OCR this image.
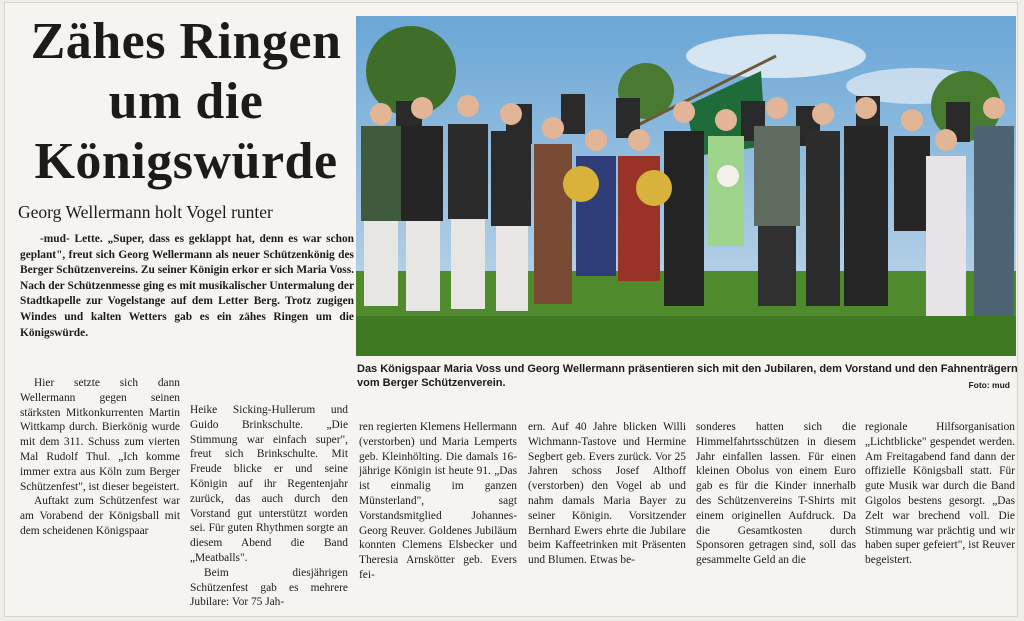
Zähes Ringen
um die
Königswürde
Georg Wellermann holt Vogel runter
-mud- Lette. „Super, dass es geklappt hat, denn es war schon geplant", freut sich Georg Wellermann als neuer Schützenkönig des Berger Schützenvereins. Zu seiner Königin erkor er sich Maria Voss. Nach der Schützenmesse ging es mit musikalischer Untermalung der Stadtkapelle zur Vogelstange auf dem Letter Berg. Trotz zugigen Windes und kalten Wetters gab es ein zähes Ringen um die Königswürde.
Das Königspaar Maria Voss und Georg Wellermann präsentieren sich mit den Jubilaren, dem Vorstand und den Fahnenträgern vom Berger Schützenverein.	Foto: mud

Hier setzte sich dann Wellermann gegen seinen stärksten Mitkonkurrenten Martin Wittkamp durch. Bierkönig wurde mit dem 311. Schuss zum vierten Mal Rudolf Thul. „Ich komme immer extra aus Köln zum Berger Schützenfest", ist dieser begeistert.

Auftakt zum Schützenfest war am Vorabend der Königsball mit dem scheidenen Königspaar

Heike Sicking-Hullerum und Guido Brinkschulte. „Die Stimmung war einfach super", freut sich Brinkschulte. Mit Freude blicke er und seine Königin auf ihr Regentenjahr zurück, das auch durch den Vorstand gut unterstützt worden sei. Für guten Rhythmen sorgte an diesem Abend die Band „Meatballs".

Beim diesjährigen Schützenfest gab es mehrere Jubilare: Vor 75 Jah-

ren regierten Klemens Hellermann (verstorben) und Maria Lemperts geb. Kleinhölting. Die damals 16-jährige Königin ist heute 91. „Das ist einmalig im ganzen Münsterland", sagt Vorstandsmitglied Johannes-Georg Reuver. Goldenes Jubiläum konnten Clemens Elsbecker und Theresia Arnskötter geb. Evers fei-

ern. Auf 40 Jahre blicken Willi Wichmann-Tastove und Hermine Segbert geb. Evers zurück. Vor 25 Jahren schoss Josef Althoff (verstorben) den Vogel ab und nahm damals Maria Bayer zu seiner Königin. Vorsitzender Bernhard Ewers ehrte die Jubilare beim Kaffeetrinken mit Präsenten und Blumen. Etwas be-

sonderes hatten sich die Himmelfahrtsschützen in diesem Jahr einfallen lassen. Für einen kleinen Obolus von einem Euro gab es für die Kinder innerhalb des Schützenvereins T-Shirts mit einem originellen Aufdruck. Da die Gesamtkosten durch Sponsoren getragen sind, soll das gesammelte Geld an die

regionale Hilfsorganisation „Lichtblicke" gespendet werden. Am Freitagabend fand dann der offizielle Königsball statt. Für gute Musik war durch die Band Gigolos bestens gesorgt. „Das Zelt war brechend voll. Die Stimmung war prächtig und wir haben super gefeiert", ist Reuver begeistert.
